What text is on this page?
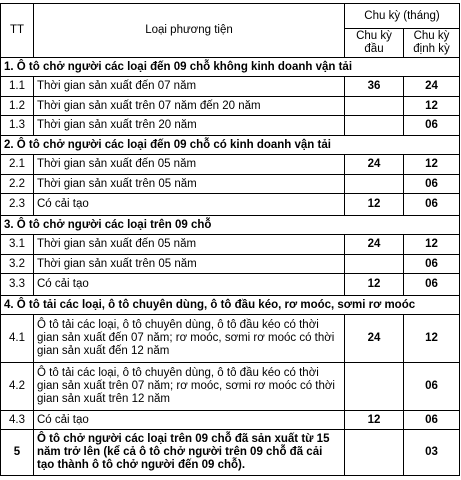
TT	Loại phương tiện	Chu kỳ (tháng)	
		Chu kỳ đầu	Chu kỳ định kỳ
1. Ô tô chở người các loại đến 09 chỗ không kinh doanh vận tải			
1.1	Thời gian sản xuất đến 07 năm	36	24
1.2	Thời gian sản xuất trên 07 năm đến 20 năm		12
1.3	Thời gian sản xuất trên 20 năm		06
2. Ô tô chở người các loại đến 09 chỗ có kinh doanh vận tải			
2.1	Thời gian sản xuất đến 05 năm	24	12
2.2	Thời gian sản xuất trên 05 năm		06
2.3	Có cải tạo	12	06
3. Ô tô chở người các loại trên 09 chỗ			
3.1	Thời gian sản xuất đến 05 năm	24	12
3.2	Thời gian sản xuất trên 05 năm		06
3.3	Có cải tạo	12	06
4. Ô tô tải các loại, ô tô chuyên dùng, ô tô đầu kéo, rơ moóc, sơmi rơ moóc			
4.1	Ô tô tải các loại, ô tô chuyên dùng, ô tô đầu kéo có thời gian sản xuất đến 07 năm; rơ moóc, sơmi rơ moóc có thời gian sản xuất đến 12 năm	24	12
4.2	Ô tô tải các loại, ô tô chuyên dùng, ô tô đầu kéo có thời gian sản xuất trên 07 năm; rơ moóc, sơmi rơ moóc có thời gian sản xuất trên 12 năm		06
4.3	Có cải tạo	12	06
5	Ô tô chở người các loại trên 09 chỗ đã sản xuất từ 15 năm trở lên (kể cả ô tô chở người trên 09 chỗ đã cải tạo thành ô tô chở người đến 09 chỗ).		03
